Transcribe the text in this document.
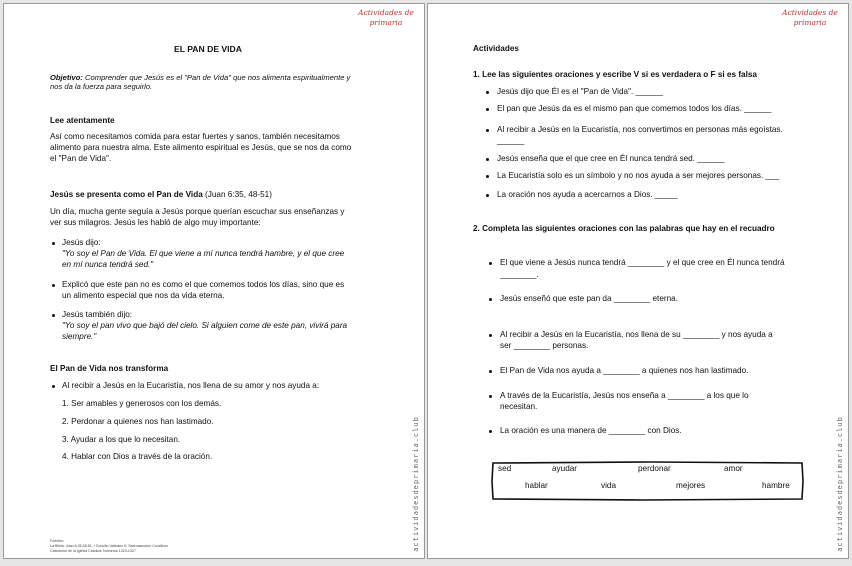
Actividades de
primaria
actividadesdeprimaria.club
EL PAN DE VIDA
Objetivo: Comprender que Jesús es el "Pan de Vida" que nos alimenta espiritualmente y
nos da la fuerza para seguirlo.
Lee atentamente
Así como necesitamos comida para estar fuertes y sanos, también necesitamos
alimento para nuestra alma. Este alimento espiritual es Jesús, que se nos da como
el "Pan de Vida".
Jesús se presenta como el Pan de Vida (Juan 6:35, 48-51)
Un día, mucha gente seguía a Jesús porque querían escuchar sus enseñanzas y
ver sus milagros. Jesús les habló de algo muy importante:
Jesús dijo:
"Yo soy el Pan de Vida. El que viene a mí nunca tendrá hambre, y el que cree
en mí nunca tendrá sed."
Explicó que este pan no es como el que comemos todos los días, sino que es
un alimento especial que nos da vida eterna.
Jesús también dijo:
"Yo soy el pan vivo que bajó del cielo. Si alguien come de este pan, vivirá para
siempre."
El Pan de Vida nos transforma
Al recibir a Jesús en la Eucaristía, nos llena de su amor y nos ayuda a:
1. Ser amables y generosos con los demás.
2. Perdonar a quienes nos han lastimado.
3. Ayudar a los que lo necesitan.
4. Hablar con Dios a través de la oración.
Fuentes:
La Biblia: Juan 6:35,48-51. / Concilio Vaticano II: Sacrosanctum Concilium
Catecismo de la Iglesia Católica: Numerus 1324-1327
Actividades de
primaria
actividadesdeprimaria.club
Actividades
1. Lee las siguientes oraciones y escribe V si es verdadera o F si es falsa
Jesús dijo que Él es el "Pan de Vida". ______
El pan que Jesús da es el mismo pan que comemos todos los días. ______
Al recibir a Jesús en la Eucaristía, nos convertimos en personas más egoístas.
______
Jesús enseña que el que cree en Él nunca tendrá sed. ______
La Eucaristía solo es un símbolo y no nos ayuda a ser mejores personas. ___
La oración nos ayuda a acercarnos a Dios. _____
2. Completa las siguientes oraciones con las palabras que hay en el recuadro
El que viene a Jesús nunca tendrá ________ y el que cree en Él nunca tendrá
________.
Jesús enseñó que este pan da ________ eterna.
Al recibir a Jesús en la Eucaristía, nos llena de su ________ y nos ayuda a
ser ________ personas.
El Pan de Vida nos ayuda a ________ a quienes nos han lastimado.
A través de la Eucaristía, Jesús nos enseña a ________ a los que lo
necesitan.
La oración es una manera de ________ con Dios.
sed	ayudar	perdonar	amor
hablar	vida	mejores	hambre
